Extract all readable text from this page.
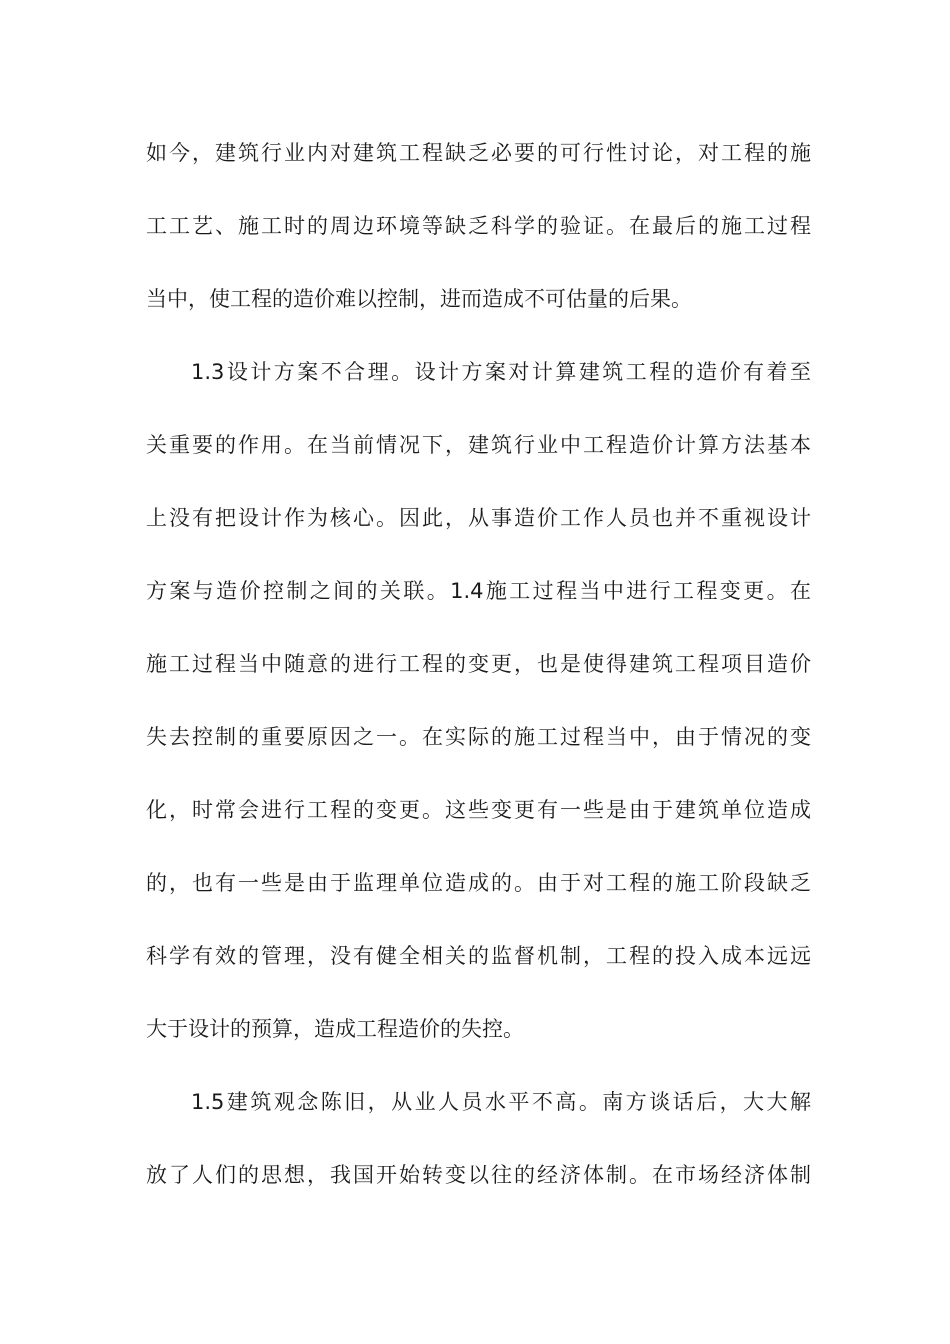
如今，建筑行业内对建筑工程缺乏必要的可行性讨论，对工程的施
工工艺、施工时的周边环境等缺乏科学的验证。在最后的施工过程
当中，使工程的造价难以控制，进而造成不可估量的后果。
1.3设计方案不合理。设计方案对计算建筑工程的造价有着至
关重要的作用。在当前情况下，建筑行业中工程造价计算方法基本
上没有把设计作为核心。因此，从事造价工作人员也并不重视设计
方案与造价控制之间的关联。1.4施工过程当中进行工程变更。在
施工过程当中随意的进行工程的变更，也是使得建筑工程项目造价
失去控制的重要原因之一。在实际的施工过程当中，由于情况的变
化，时常会进行工程的变更。这些变更有一些是由于建筑单位造成
的，也有一些是由于监理单位造成的。由于对工程的施工阶段缺乏
科学有效的管理，没有健全相关的监督机制，工程的投入成本远远
大于设计的预算，造成工程造价的失控。
1.5建筑观念陈旧，从业人员水平不高。南方谈话后，大大解
放了人们的思想，我国开始转变以往的经济体制。在市场经济体制
